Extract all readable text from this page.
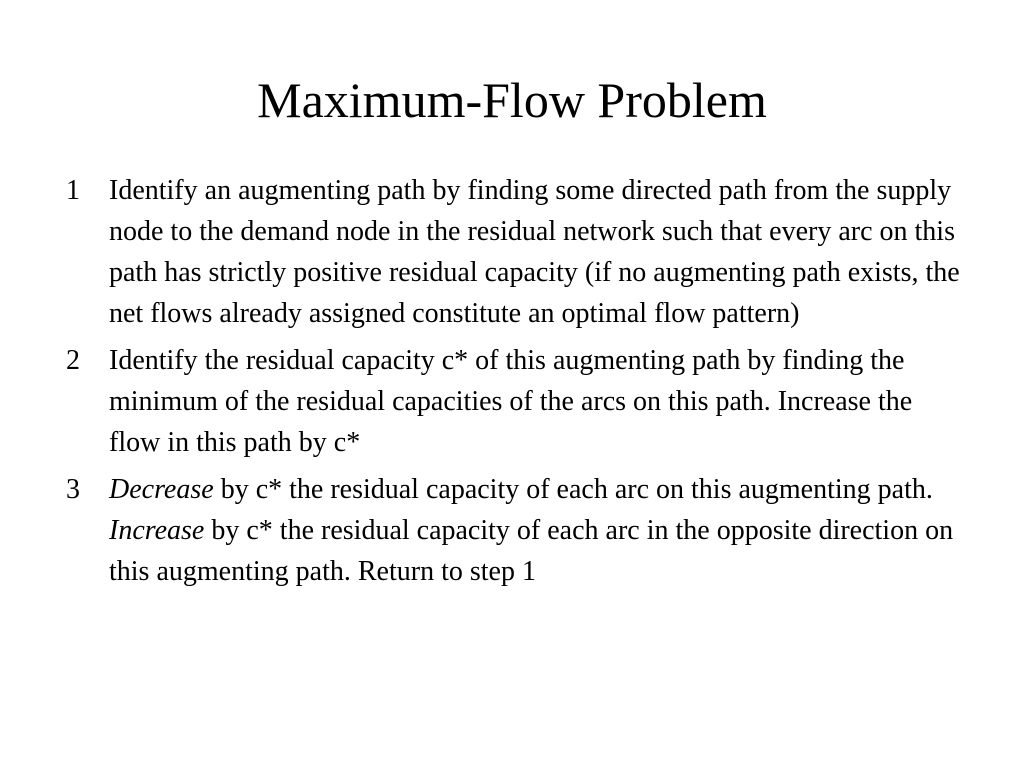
Maximum-Flow Problem
1	Identify an augmenting path by finding some directed path from the supply node to the demand node in the residual network such that every arc on this path has strictly positive residual capacity (if no augmenting path exists, the net flows already assigned constitute an optimal flow pattern)
2	Identify the residual capacity c* of this augmenting path by finding the minimum of the residual capacities of the arcs on this path. Increase the flow in this path by c*
3	Decrease by c* the residual capacity of each arc on this augmenting path. Increase by c* the residual capacity of each arc in the opposite direction on this augmenting path. Return to step 1
